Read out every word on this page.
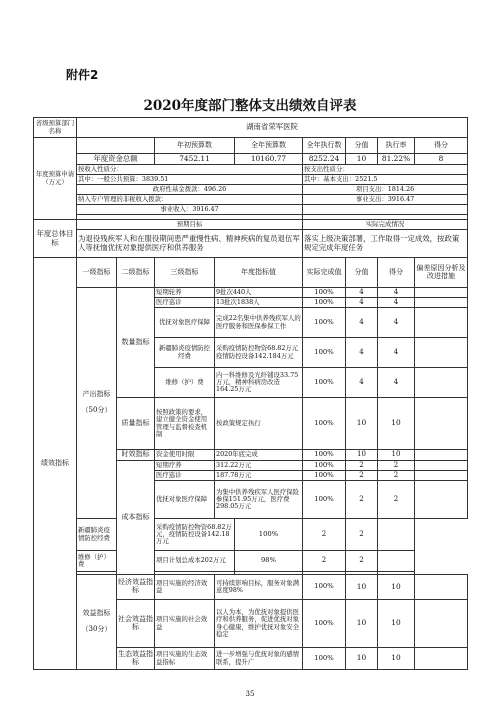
附件2
2020年度部门整体支出绩效自评表
省级预算部门名称	湖南省荣军医院								
年度预算申请（万元）			年初预算数		全年预算数	全年执行数	分值	执行率	得分
	年度资金总额		7452.11		10160.77	8252.24	10	81.22%	8
	按收入性质分：					按支出性质分：			
	其中：一般公共预算：3839.51					其中：基本支出：2521.5			
	政府性基金拨款：496.26					项目支出：1814.26			
	纳入专户管理的非税收入拨款：					事业支出：3916.47			
	事业收入：3916.47								

年度总体目标	预期目标					实际完成情况			
	为退役残疾军人和在服役期间患严重慢性病、精神疾病的复员退伍军人等抚恤优抚对象提供医疗和供养服务					落实上级决策部署，工作取得一定成效，按政策规定完成年度任务			
绩效指标	一级指标	二级指标	三级指标	年度指标值		实际完成值	分值	得分	偏差原因分析及改进措施

	产出指标
（50分）	数量指标	短期轮养	9批次440人		100%	4	4	
			医疗巡诊	13批次1838人		100%	4	4	
			优抚对象医疗保障	完成22名集中供养残疾军人的医疗服务和医保参保工作		100%	4	4	
			新疆肺炎疫情防控经费	采购疫情防控物资68.82万元疫情防控设备142.184万元		100%	4	4	
			维修（护）费	内一科维修及光纤铺设33.75万元，精神科病房改造164.25万元		100%	4	4	
		质量指标	按照政策的要求，建立健全资金使用管理与监督检查机制	按政策规定执行		100%	10	10	
		时效指标	资金使用时限	2020年底完成		100%	10	10	
		成本指标	短期疗养	312.22万元		100%	2	2	
			医疗巡诊	187.78万元		100%	2	2	
			优抚对象医疗保障	为集中供养残疾军人医疗保险参保151.95万元，医疗费298.05万元		100%	2	2	
	新疆肺炎疫情防控经费		采购疫情防控物资68.82万元，疫情防控设备142.18万元		100%	2	2		
	维修（护）费		项目计划总成本202万元		98%	2	2		

	效益指标
（30分）	经济效益指标	项目实施的经济效益	可持续影响目标，服务对象满意度98%		100%	10	10	
		社会效益指标	项目实施的社会效益	以人为本，为优抚对象提供医疗和供养服务，促进优抚对象身心健康，维护优抚对象安全稳定		100%	10	10	
		生态效益指标	项目实施的生态效益指标	进一步增强与优抚对象的感情联系，提升广		100%	10	10	
35
